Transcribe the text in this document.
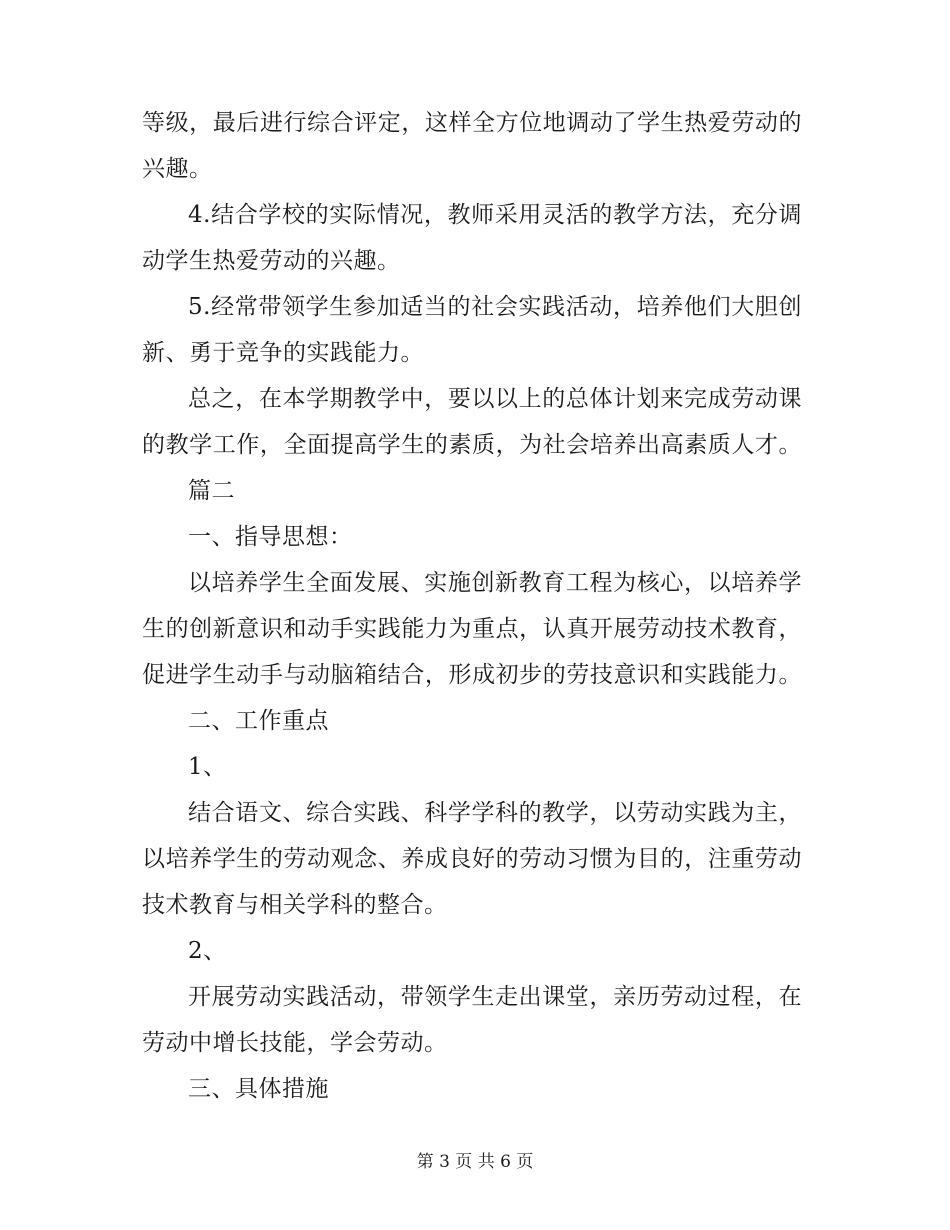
等级，最后进行综合评定，这样全方位地调动了学生热爱劳动的
兴趣。
4.结合学校的实际情况，教师采用灵活的教学方法，充分调
动学生热爱劳动的兴趣。
5.经常带领学生参加适当的社会实践活动，培养他们大胆创
新、勇于竞争的实践能力。
总之，在本学期教学中，要以以上的总体计划来完成劳动课
的教学工作，全面提高学生的素质，为社会培养出高素质人才。
篇二
一、指导思想：
以培养学生全面发展、实施创新教育工程为核心，以培养学
生的创新意识和动手实践能力为重点，认真开展劳动技术教育，
促进学生动手与动脑箱结合，形成初步的劳技意识和实践能力。
二、工作重点
1、
结合语文、综合实践、科学学科的教学，以劳动实践为主，
以培养学生的劳动观念、养成良好的劳动习惯为目的，注重劳动
技术教育与相关学科的整合。
2、
开展劳动实践活动，带领学生走出课堂，亲历劳动过程，在
劳动中增长技能，学会劳动。
三、具体措施
第 3 页 共 6 页
